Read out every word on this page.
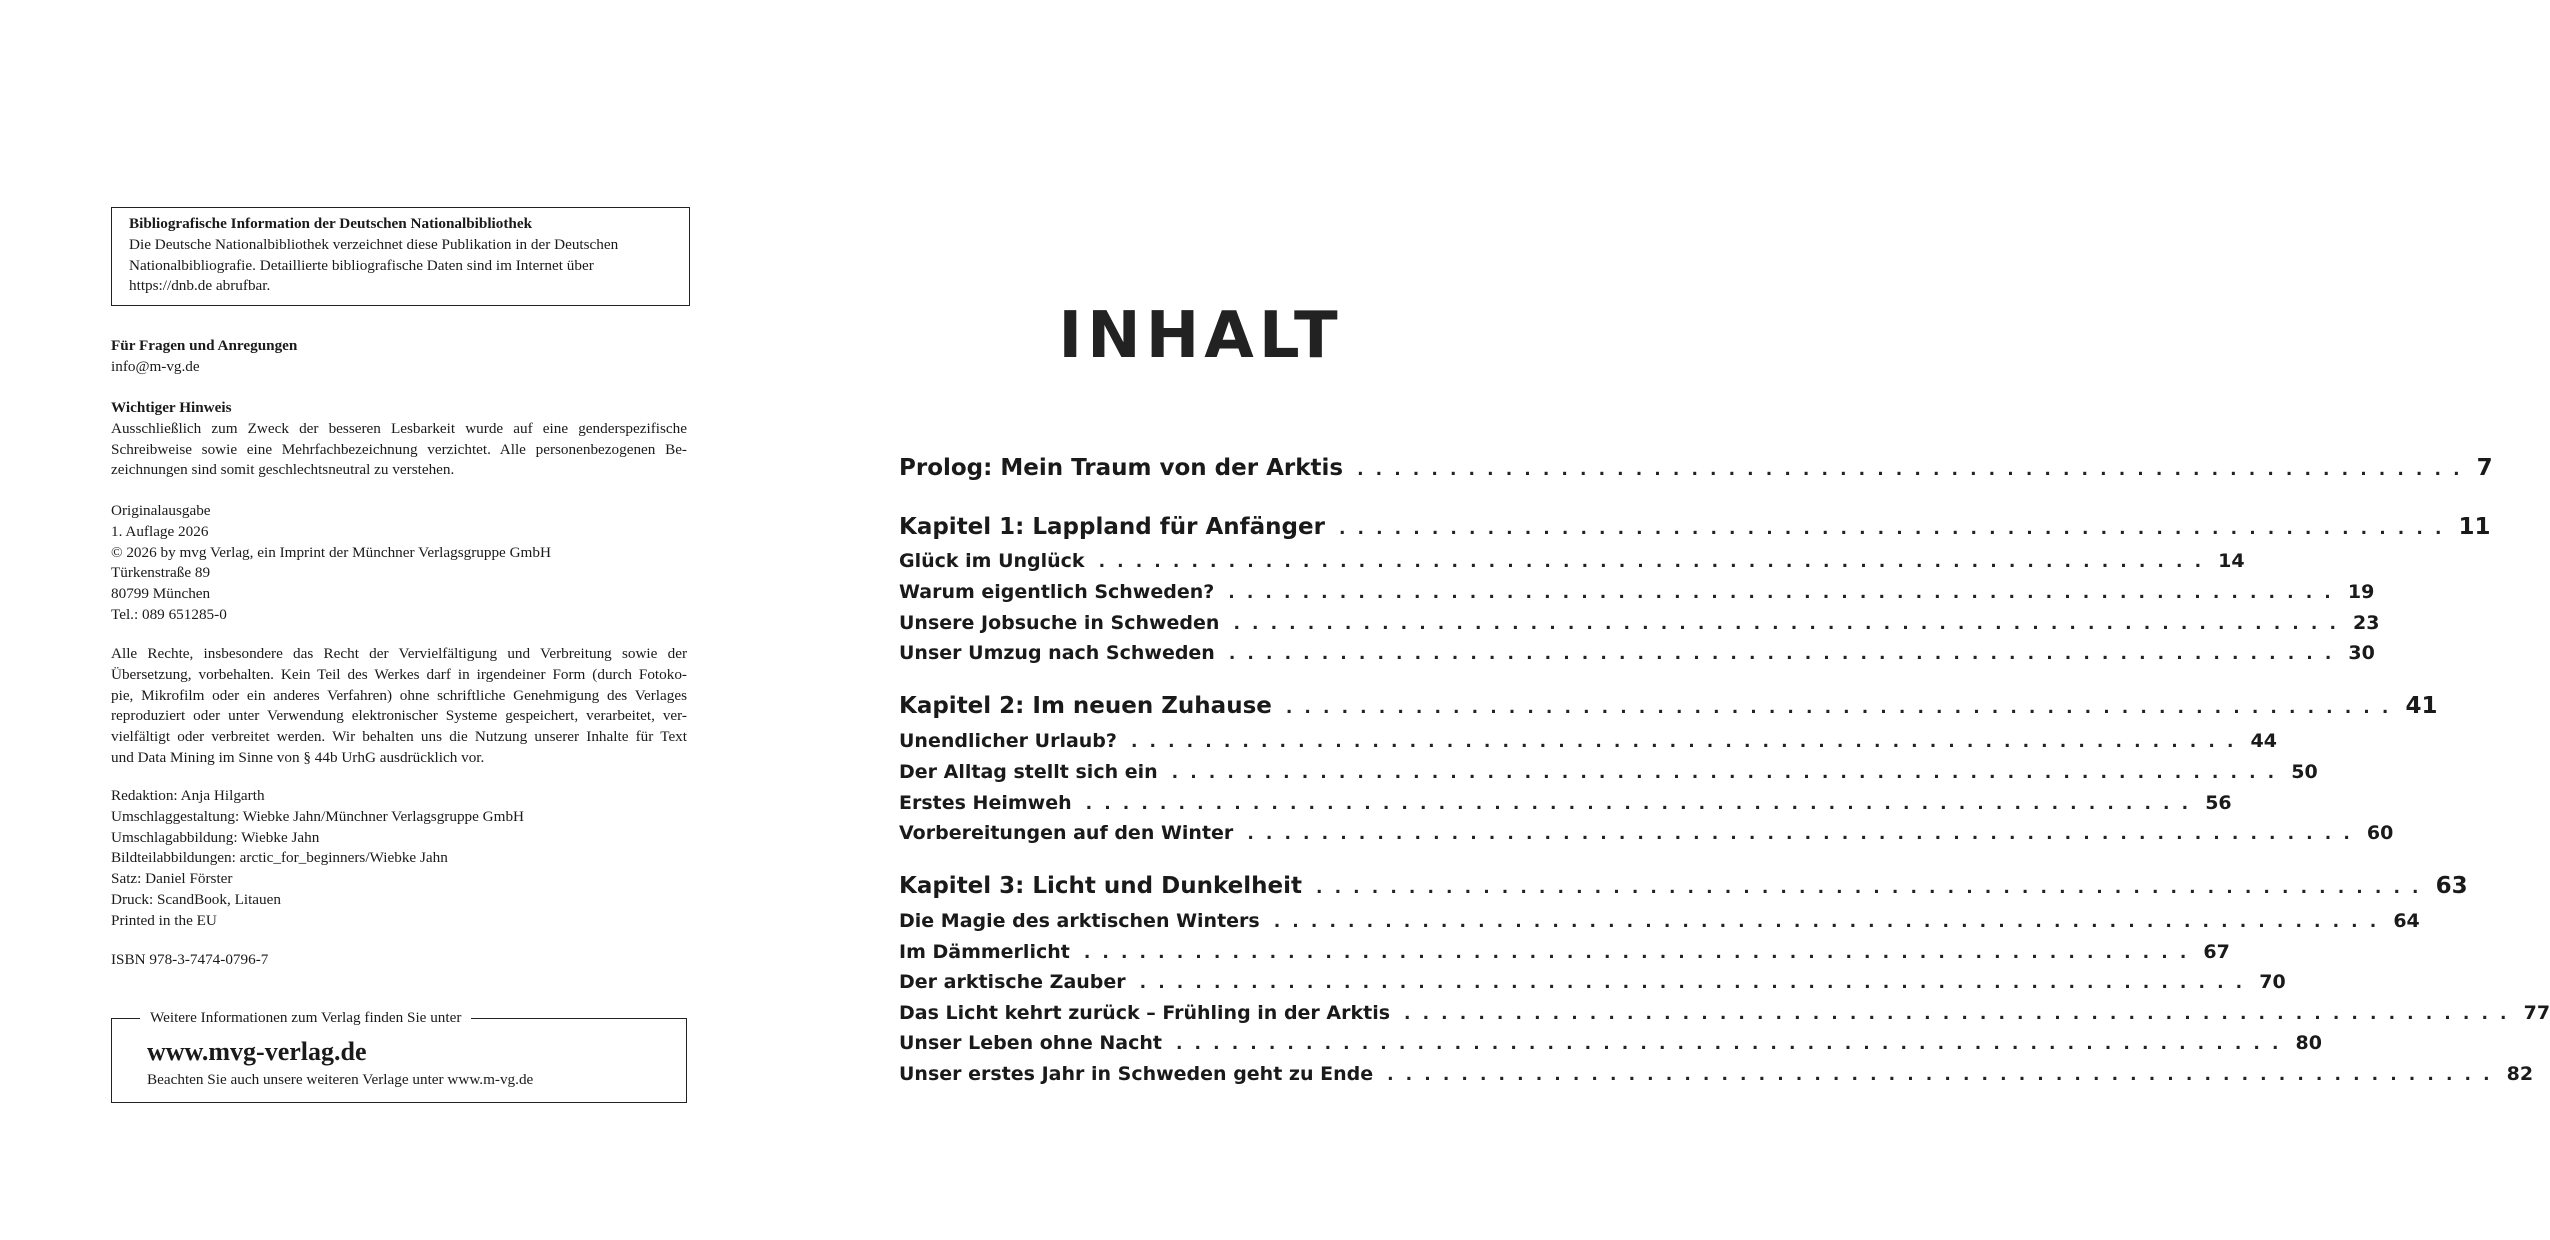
Bibliografische Information der Deutschen Nationalbibliothek
Die Deutsche Nationalbibliothek verzeichnet diese Publikation in der Deutschen
Nationalbibliografie. Detaillierte bibliografische Daten sind im Internet über
https://dnb.de abrufbar.
Für Fragen und Anregungen
info@m-vg.de
Wichtiger Hinweis
Ausschließlich zum Zweck der besseren Lesbarkeit wurde auf eine genderspezifische
Schreibweise sowie eine Mehrfachbezeichnung verzichtet. Alle personenbezogenen Be-
zeichnungen sind somit geschlechtsneutral zu verstehen.
Originalausgabe
1. Auflage 2026
© 2026 by mvg Verlag, ein Imprint der Münchner Verlagsgruppe GmbH
Türkenstraße 89
80799 München
Tel.: 089 651285-0
Alle Rechte, insbesondere das Recht der Vervielfältigung und Verbreitung sowie der
Übersetzung, vorbehalten. Kein Teil des Werkes darf in irgendeiner Form (durch Fotoko-
pie, Mikrofilm oder ein anderes Verfahren) ohne schriftliche Genehmigung des Verlages
reproduziert oder unter Verwendung elektronischer Systeme gespeichert, verarbeitet, ver-
vielfältigt oder verbreitet werden. Wir behalten uns die Nutzung unserer Inhalte für Text
und Data Mining im Sinne von § 44b UrhG ausdrücklich vor.
Redaktion: Anja Hilgarth
Umschlaggestaltung: Wiebke Jahn/Münchner Verlagsgruppe GmbH
Umschlagabbildung: Wiebke Jahn
Bildteilabbildungen: arctic_for_beginners/Wiebke Jahn
Satz: Daniel Förster
Druck: ScandBook, Litauen
Printed in the EU
ISBN 978-3-7474-0796-7
Weitere Informationen zum Verlag finden Sie unter
www.mvg-verlag.de
Beachten Sie auch unsere weiteren Verlage unter www.m-vg.de
INHALT
Prolog: Mein Traum von der Arktis . . . . . . . . . . . . . . . . . . . . . . . . . . . . . . . . . . . . . . . . . . . . . . . . . . . . . . . . . . . . 7
Kapitel 1: Lappland für Anfänger . . . . . . . . . . . . . . . . . . . . . . . . . . . . . . . . . . . . . . . . . . . . . . . . . . . . . . . . . . . . 11
Glück im Unglück . . . . . . . . . . . . . . . . . . . . . . . . . . . . . . . . . . . . . . . . . . . . . . . . . . . . . . . . . . . . 14
Warum eigentlich Schweden? . . . . . . . . . . . . . . . . . . . . . . . . . . . . . . . . . . . . . . . . . . . . . . . . . . . . . . . . . . . . 19
Unsere Jobsuche in Schweden . . . . . . . . . . . . . . . . . . . . . . . . . . . . . . . . . . . . . . . . . . . . . . . . . . . . . . . . . . . . 23
Unser Umzug nach Schweden . . . . . . . . . . . . . . . . . . . . . . . . . . . . . . . . . . . . . . . . . . . . . . . . . . . . . . . . . . . . 30
Kapitel 2: Im neuen Zuhause . . . . . . . . . . . . . . . . . . . . . . . . . . . . . . . . . . . . . . . . . . . . . . . . . . . . . . . . . . . . 41
Unendlicher Urlaub? . . . . . . . . . . . . . . . . . . . . . . . . . . . . . . . . . . . . . . . . . . . . . . . . . . . . . . . . . . . . 44
Der Alltag stellt sich ein . . . . . . . . . . . . . . . . . . . . . . . . . . . . . . . . . . . . . . . . . . . . . . . . . . . . . . . . . . . . 50
Erstes Heimweh . . . . . . . . . . . . . . . . . . . . . . . . . . . . . . . . . . . . . . . . . . . . . . . . . . . . . . . . . . . . 56
Vorbereitungen auf den Winter . . . . . . . . . . . . . . . . . . . . . . . . . . . . . . . . . . . . . . . . . . . . . . . . . . . . . . . . . . . . 60
Kapitel 3: Licht und Dunkelheit . . . . . . . . . . . . . . . . . . . . . . . . . . . . . . . . . . . . . . . . . . . . . . . . . . . . . . . . . . . . 63
Die Magie des arktischen Winters . . . . . . . . . . . . . . . . . . . . . . . . . . . . . . . . . . . . . . . . . . . . . . . . . . . . . . . . . . . . 64
Im Dämmerlicht . . . . . . . . . . . . . . . . . . . . . . . . . . . . . . . . . . . . . . . . . . . . . . . . . . . . . . . . . . . . 67
Der arktische Zauber . . . . . . . . . . . . . . . . . . . . . . . . . . . . . . . . . . . . . . . . . . . . . . . . . . . . . . . . . . . . 70
Das Licht kehrt zurück – Frühling in der Arktis . . . . . . . . . . . . . . . . . . . . . . . . . . . . . . . . . . . . . . . . . . . . . . . . . . . . . . . . . . . . 77
Unser Leben ohne Nacht . . . . . . . . . . . . . . . . . . . . . . . . . . . . . . . . . . . . . . . . . . . . . . . . . . . . . . . . . . . . 80
Unser erstes Jahr in Schweden geht zu Ende . . . . . . . . . . . . . . . . . . . . . . . . . . . . . . . . . . . . . . . . . . . . . . . . . . . . . . . . . . . . 82
